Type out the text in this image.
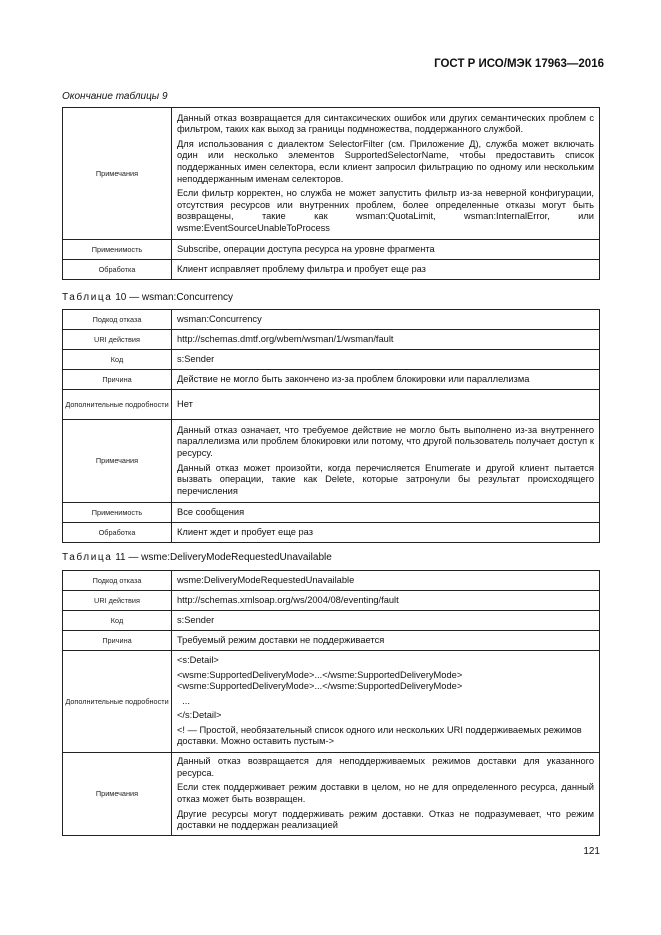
ГОСТ Р ИСО/МЭК 17963—2016
Окончание таблицы 9
Примечания	Данный отказ возвращается для синтаксических ошибок или других семантических проблем с фильтром, таких как выход за границы подмножества, поддержанного службой.

Для использования с диалектом SelectorFilter (см. Приложение Д), служба может включать один или несколько элементов SupportedSelectorName, чтобы предоставить список поддержанных имен селектора, если клиент запросил фильтрацию по одному или нескольким неподдержанным именам селекторов.

Если фильтр корректен, но служба не может запустить фильтр из-за неверной конфигурации, отсутствия ресурсов или внутренних проблем, более определенные отказы могут быть возвращены, такие как wsman:QuotaLimit, wsman:InternalError, или wsme:EventSourceUnableToProcess

Применимость	Subscribe, операции доступа ресурса на уровне фрагмента
Обработка	Клиент исправляет проблему фильтра и пробует еще раз
Таблица 10 — wsman:Concurrency
Подкод отказа	wsman:Concurrency
URI действия	http://schemas.dmtf.org/wbem/wsman/1/wsman/fault
Код	s:Sender
Причина	Действие не могло быть закончено из-за проблем блокировки или параллелизма
Дополнительные подробности	Нет
Примечания	Данный отказ означает, что требуемое действие не могло быть выполнено из-за внутреннего параллелизма или проблем блокировки или потому, что другой пользователь получает доступ к ресурсу.

Данный отказ может произойти, когда перечисляется Enumerate и другой клиент пытается вызвать операции, такие как Delete, которые затронули бы результат происходящего перечисления

Применимость	Все сообщения
Обработка	Клиент ждет и пробует еще раз
Таблица 11 — wsme:DeliveryModeRequestedUnavailable
Подкод отказа	wsme:DeliveryModeRequestedUnavailable
URI действия	http://schemas.xmlsoap.org/ws/2004/08/eventing/fault
Код	s:Sender
Причина	Требуемый режим доставки не поддерживается
Дополнительные подробности	<s:Detail>

<wsme:SupportedDeliveryMode>...</wsme:SupportedDeliveryMode><wsme:SupportedDeliveryMode>...</wsme:SupportedDeliveryMode>

...

</s:Detail>

<! — Простой, необязательный список одного или нескольких URI поддерживаемых режимов доставки. Можно оставить пустым->

Примечания	Данный отказ возвращается для неподдерживаемых режимов доставки для указанного ресурса.

Если стек поддерживает режим доставки в целом, но не для определенного ресурса, данный отказ может быть возвращен.

Другие ресурсы могут поддерживать режим доставки. Отказ не подразумевает, что режим доставки не поддержан реализацией

121
